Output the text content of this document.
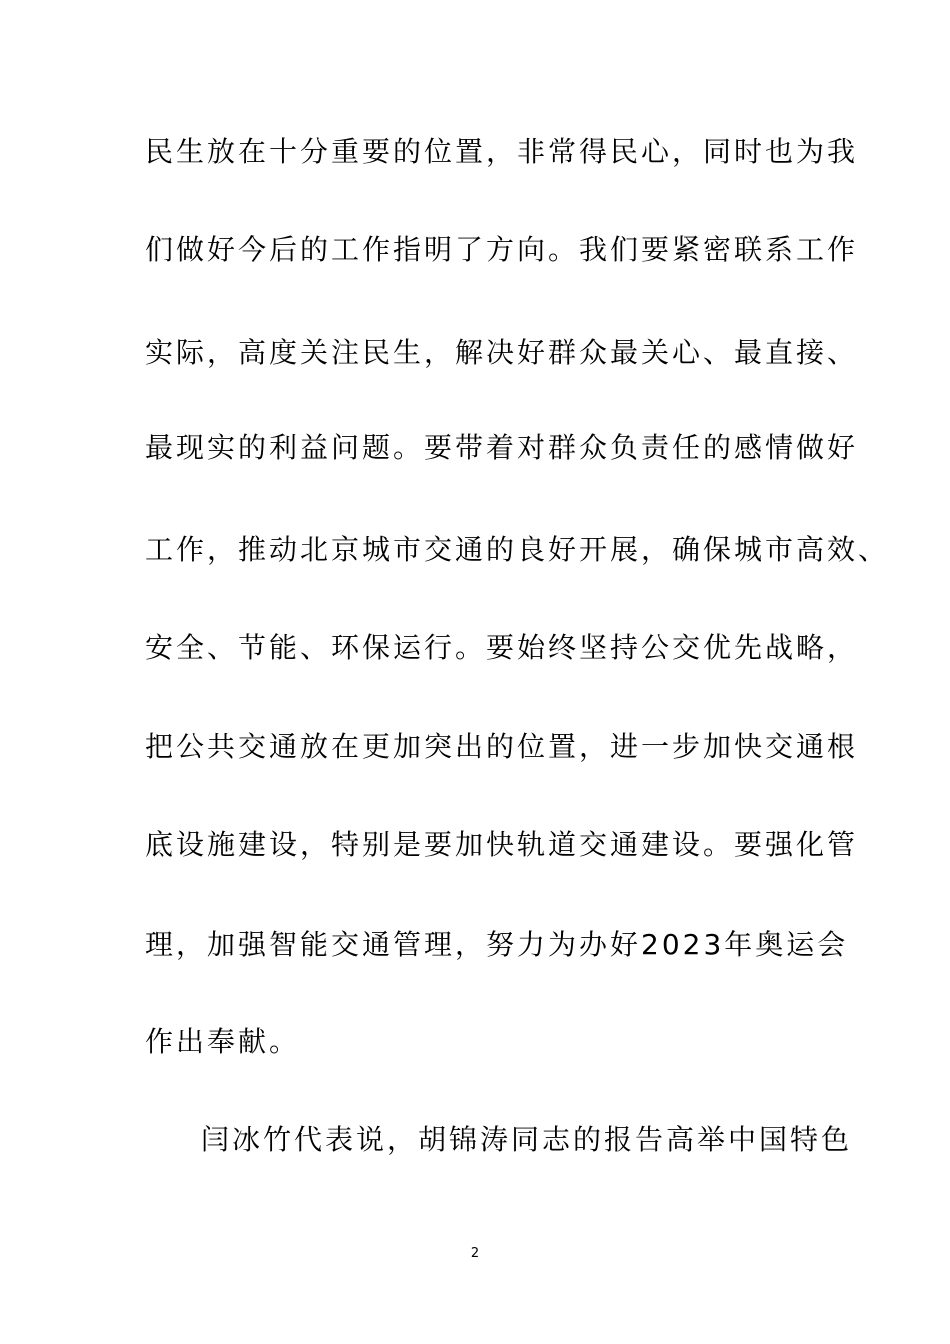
民生放在十分重要的位置，非常得民心，同时也为我
们做好今后的工作指明了方向。我们要紧密联系工作
实际，高度关注民生，解决好群众最关心、最直接、
最现实的利益问题。要带着对群众负责任的感情做好
工作，推动北京城市交通的良好开展，确保城市高效、
安全、节能、环保运行。要始终坚持公交优先战略，
把公共交通放在更加突出的位置，进一步加快交通根
底设施建设，特别是要加快轨道交通建设。要强化管
理，加强智能交通管理，努力为办好2023年奥运会
作出奉献。
闫冰竹代表说，胡锦涛同志的报告高举中国特色
2
